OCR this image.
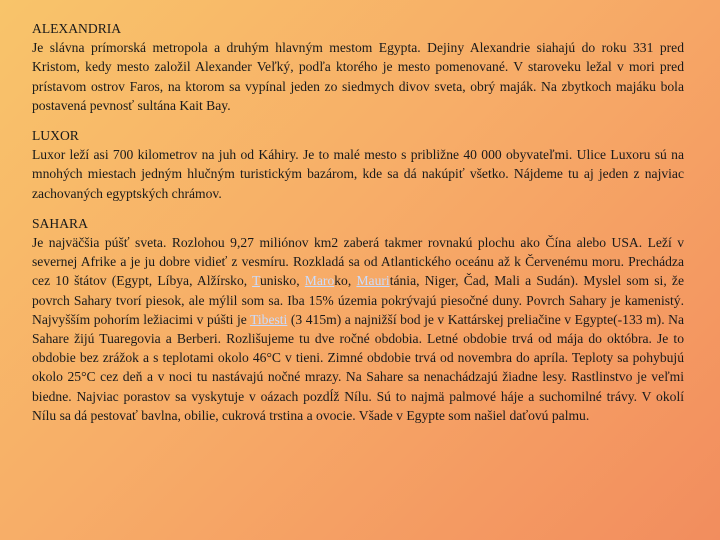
ALEXANDRIA
Je slávna prímorská metropola a druhým hlavným mestom Egypta. Dejiny Alexandrie siahajú do roku 331 pred Kristom, kedy mesto založil Alexander Veľký, podľa ktorého je mesto pomenované. V staroveku ležal v mori pred prístavom ostrov Faros, na ktorom sa vypínal jeden zo siedmych divov sveta, obrý maják. Na zbytkoch majáku bola postavená pevnosť sultána Kait Bay.
LUXOR
Luxor leží asi 700 kilometrov na juh od Káhiry. Je to malé mesto s približne 40 000 obyvateľmi. Ulice Luxoru sú na mnohých miestach jedným hlučným turistickým bazárom, kde sa dá nakúpiť všetko. Nájdeme tu aj jeden z najviac zachovaných egyptských chrámov.
SAHARA
Je najväčšia púšť sveta. Rozlohou 9,27 miliónov km2 zaberá takmer rovnakú plochu ako Čína alebo USA. Leží v severnej Afrike a je ju dobre vidieť z vesmíru. Rozkladá sa od Atlantického oceánu až k Červenému moru. Prechádza cez 10 štátov (Egypt, Líbya, Alžírsko, Tunisko, Maroko, Mauritánia, Niger, Čad, Mali a Sudán). Myslel som si, že povrch Sahary tvorí piesok, ale mýlil som sa. Iba 15% územia pokrývajú piesočné duny. Povrch Sahary je kamenistý. Najvyšším pohorím ležiacimi v púšti je Tibesti (3 415m) a najnižší bod je v Kattárskej preliačine v Egypte(-133 m). Na Sahare žijú Tuaregovia a Berberi. Rozlišujeme tu dve ročné obdobia. Letné obdobie trvá od mája do októbra. Je to obdobie bez zrážok a s teplotami okolo 46°C v tieni. Zimné obdobie trvá od novembra do apríla. Teploty sa pohybujú okolo 25°C cez deň a v noci tu nastávajú nočné mrazy. Na Sahare sa nenachádzajú žiadne lesy. Rastlinstvo je veľmi biedne. Najviac porastov sa vyskytuje v oázach pozdĺž Nílu. Sú to najmä palmové háje a suchomilné trávy. V okolí Nílu sa dá pestovať bavlna, obilie, cukrová trstina a ovocie. Všade v Egypte som našiel daťovú palmu.
